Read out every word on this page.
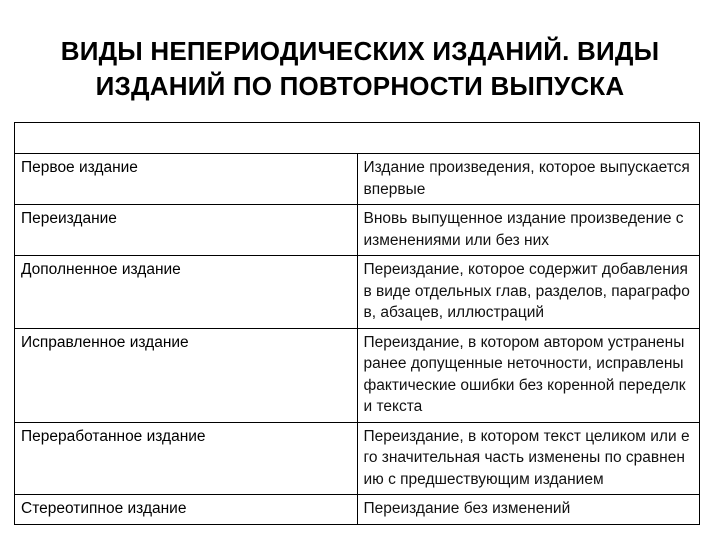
ВИДЫ НЕПЕРИОДИЧЕСКИХ ИЗДАНИЙ. ВИДЫ
ИЗДАНИЙ ПО ПОВТОРНОСТИ ВЫПУСКА

Первое издание	Издание произведения, которое выпускается впервые
Переиздание	Вновь выпущенное издание произведение с изменениями или без них
Дополненное издание	Переиздание, которое содержит добавления в виде отдельных глав, разделов, параграфов, абзацев, иллюстраций
Исправленное издание	Переиздание, в котором автором устранены ранее допущенные неточности, исправлены фактические ошибки без коренной переделки текста
Переработанное издание	Переиздание, в котором текст целиком или его значительная часть изменены по сравнению с предшествующим изданием
Стереотипное издание	Переиздание без изменений
